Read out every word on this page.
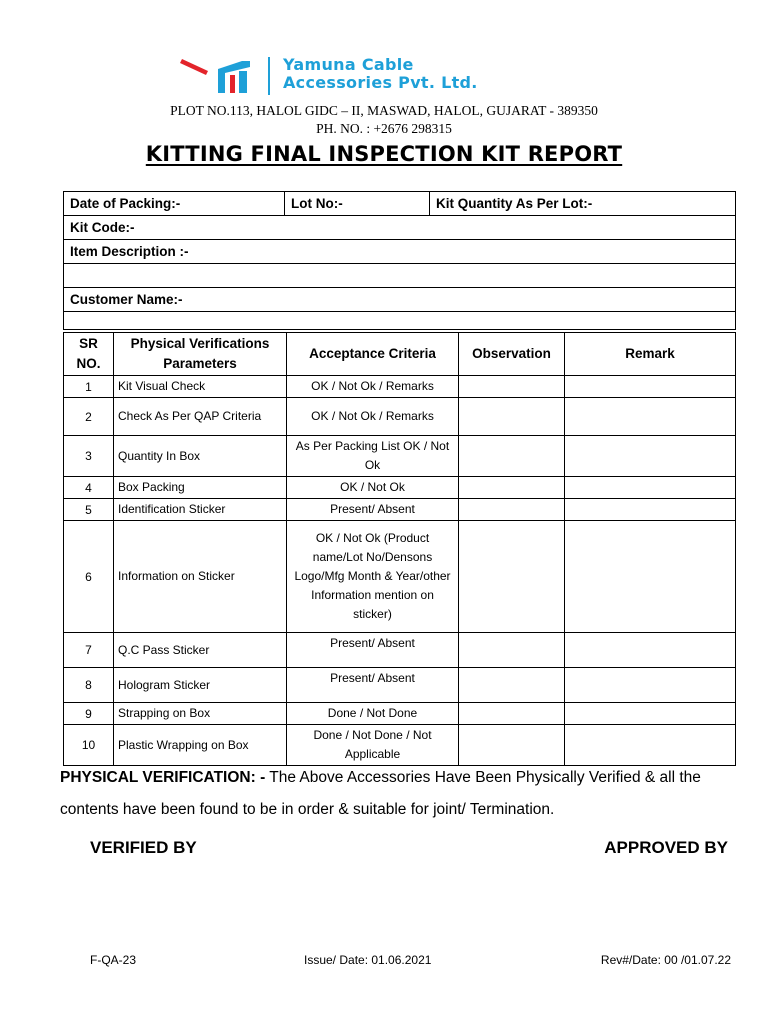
Yamuna Cable
Accessories Pvt. Ltd.
PLOT NO.113, HALOL GIDC – II, MASWAD, HALOL, GUJARAT - 389350
PH. NO. : +2676 298315
KITTING FINAL INSPECTION KIT REPORT
Date of Packing:-	Lot No:-	Kit Quantity As Per Lot:-
Kit Code:-
Item Description :-

Customer Name:-

SR NO.	Physical Verifications Parameters	Acceptance Criteria	Observation	Remark
1	Kit Visual Check	OK / Not Ok / Remarks		
2	Check As Per QAP Criteria	OK / Not Ok / Remarks		
3	Quantity In Box	As Per Packing List OK / Not Ok		
4	Box Packing	OK / Not Ok		
5	Identification Sticker	Present/ Absent		
6	Information on Sticker	OK / Not Ok (Product name/Lot No/Densons Logo/Mfg Month & Year/other Information mention on sticker)		
7	Q.C Pass Sticker	Present/ Absent		
8	Hologram Sticker	Present/ Absent		
9	Strapping on Box	Done / Not Done		
10	Plastic Wrapping on Box	Done / Not Done / Not Applicable		
PHYSICAL VERIFICATION: - The Above Accessories Have Been Physically Verified & all the contents have been found to be in order & suitable for joint/ Termination.
VERIFIED BY	APPROVED BY
F-QA-23	Issue/ Date: 01.06.2021	Rev#/Date: 00 /01.07.22
